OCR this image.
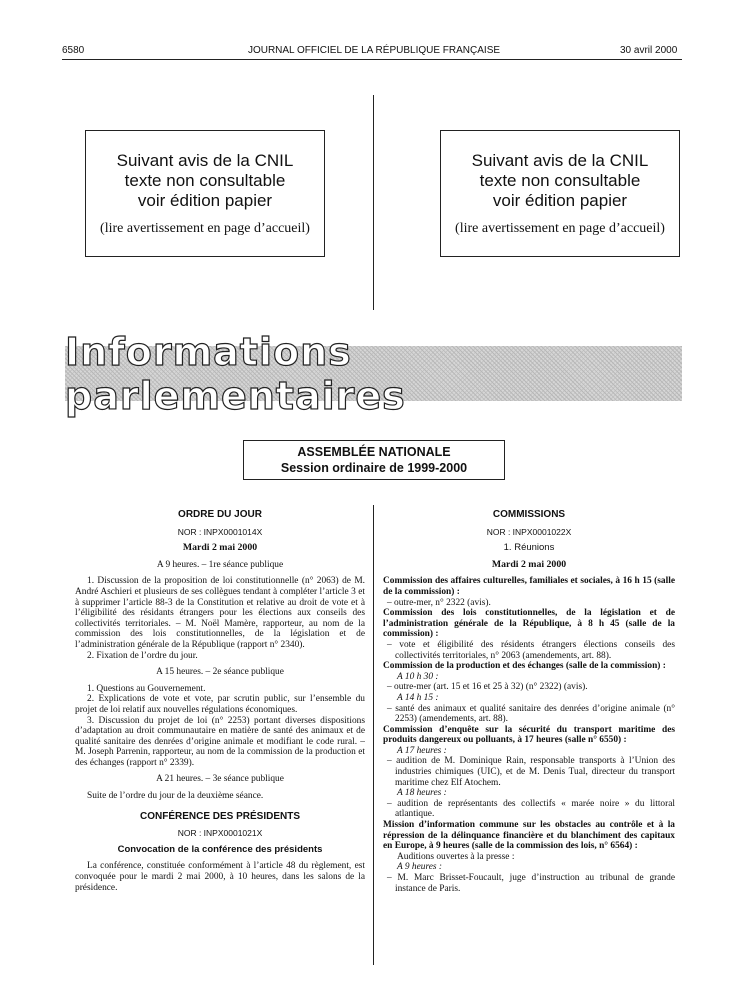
6580	JOURNAL OFFICIEL DE LA RÉPUBLIQUE FRANÇAISE	30 avril 2000
Suivant avis de la CNIL
texte non consultable
voir édition papier
(lire avertissement en page d’accueil)
Suivant avis de la CNIL
texte non consultable
voir édition papier
(lire avertissement en page d’accueil)
Informations parlementaires
ASSEMBLÉE NATIONALE
Session ordinaire de 1999-2000

ORDRE DU JOUR

NOR : INPX0001014X

Mardi 2 mai 2000

A 9 heures. – 1re séance publique

1. Discussion de la proposition de loi constitutionnelle (n° 2063) de M. André Aschieri et plusieurs de ses collègues tendant à compléter l’article 3 et à supprimer l’article 88-3 de la Constitution et relative au droit de vote et à l’éligibilité des résidants étrangers pour les élections aux conseils des collectivités territoriales. – M. Noël Mamère, rapporteur, au nom de la commission des lois constitutionnelles, de la législation et de l’administration générale de la République (rapport n° 2340).

2. Fixation de l’ordre du jour.

A 15 heures. – 2e séance publique

1. Questions au Gouvernement.

2. Explications de vote et vote, par scrutin public, sur l’ensemble du projet de loi relatif aux nouvelles régulations économiques.

3. Discussion du projet de loi (n° 2253) portant diverses dispositions d’adaptation au droit communautaire en matière de santé des animaux et de qualité sanitaire des denrées d’origine animale et modifiant le code rural. – M. Joseph Parrenin, rapporteur, au nom de la commission de la production et des échanges (rapport n° 2339).

A 21 heures. – 3e séance publique

Suite de l’ordre du jour de la deuxième séance.

CONFÉRENCE DES PRÉSIDENTS

NOR : INPX0001021X

Convocation de la conférence des présidents

La conférence, constituée conformément à l’article 48 du règlement, est convoquée pour le mardi 2 mai 2000, à 10 heures, dans les salons de la présidence.

COMMISSIONS

NOR : INPX0001022X

1. Réunions

Mardi 2 mai 2000

Commission des affaires culturelles, familiales et sociales, à 16 h 15 (salle de la commission) :

– outre-mer, n° 2322 (avis).

Commission des lois constitutionnelles, de la législation et de l’administration générale de la République, à 8 h 45 (salle de la commission) :

– vote et éligibilité des résidents étrangers élections conseils des collectivités territoriales, n° 2063 (amendements, art. 88).

Commission de la production et des échanges (salle de la commission) :

A 10 h 30 :

– outre-mer (art. 15 et 16 et 25 à 32) (n° 2322) (avis).

A 14 h 15 :

– santé des animaux et qualité sanitaire des denrées d’origine animale (n° 2253) (amendements, art. 88).

Commission d’enquête sur la sécurité du transport maritime des produits dangereux ou polluants, à 17 heures (salle n° 6550) :

A 17 heures :

– audition de M. Dominique Rain, responsable transports à l’Union des industries chimiques (UIC), et de M. Denis Tual, directeur du transport maritime chez Elf Atochem.

A 18 heures :

– audition de représentants des collectifs « marée noire » du littoral atlantique.

Mission d’information commune sur les obstacles au contrôle et à la répression de la délinquance financière et du blanchiment des capitaux en Europe, à 9 heures (salle de la commission des lois, n° 6564) :

Auditions ouvertes à la presse :

A 9 heures :

– M. Marc Brisset-Foucault, juge d’instruction au tribunal de grande instance de Paris.
